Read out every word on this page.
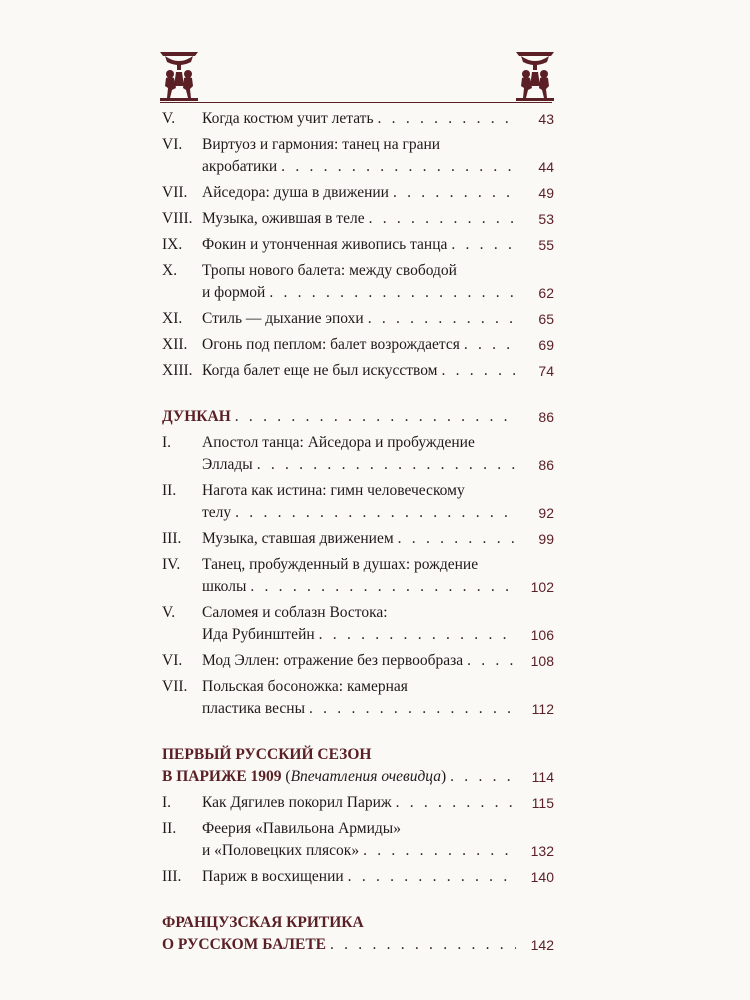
V.	Когда костюм учит летать . . .	43
VI.	Виртуоз и гармония: танец на грани
акробатики . . .	44
VII. Айседора: душа в движении . . .	49
VIII. Музыка, ожившая в теле . . .	53
IX.	Фокин и утонченная живопись танца . . .	55
X.	Тропы нового балета: между свободой
и формой . . .	62
XI.	Стиль — дыхание эпохи . . .	65
XII. Огонь под пеплом: балет возрождается . . .	69
XIII. Когда балет еще не был искусством . . .	74
ДУНКАН . . .	86
I.	Апостол танца: Айседора и пробуждение
Эллады . . .	86
II.	Нагота как истина: гимн человеческому
телу . . .	92
III.	Музыка, ставшая движением . . .	99
IV.	Танец, пробужденный в душах: рождение
школы . . .	102
V.	Саломея и соблазн Востока:
Ида Рубинштейн . . .	106
VI.	Мод Эллен: отражение без первообраза . . .	108
VII. Польская босоножка: камерная
пластика весны . . .	112
ПЕРВЫЙ РУССКИЙ СЕЗОН
В ПАРИЖЕ 1909 (Впечатления очевидца) . . .	114
I.	Как Дягилев покорил Париж . . .	115
II.	Феерия «Павильона Армиды»
и «Половецких плясок» . . .	132
III.	Париж в восхищении . . .	140
ФРАНЦУЗСКАЯ КРИТИКА
О РУССКОМ БАЛЕТЕ . . .	142
